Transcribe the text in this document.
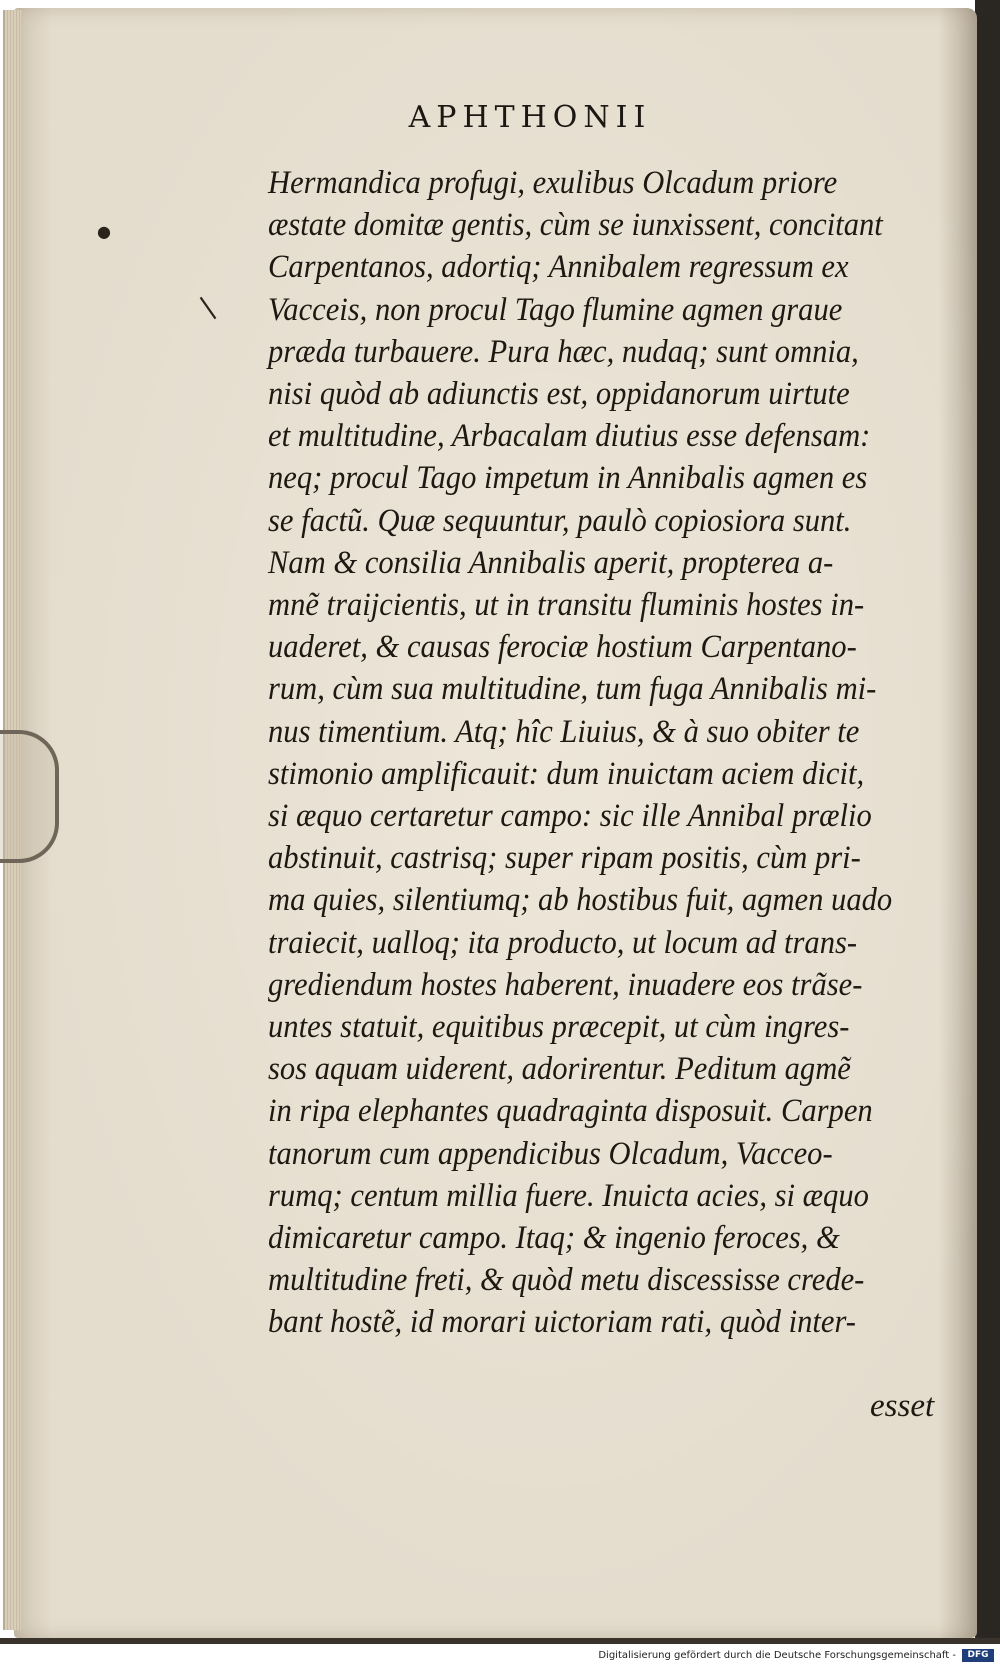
●
|
APHTHONII
Hermandica profugi, exulibus Olcadum priore
æstate domitæ gentis, cùm se iunxissent, concitant
Carpentanos, adortiq; Annibalem regressum ex
Vacceis, non procul Tago flumine agmen graue
præda turbauere. Pura hæc, nudaq; sunt omnia,
nisi quòd ab adiunctis est, oppidanorum uirtute
et multitudine, Arbacalam diutius esse defensam:
neq; procul Tago impetum in Annibalis agmen es
se factũ. Quæ sequuntur, paulò copiosiora sunt.
Nam & consilia Annibalis aperit, propterea a-
mnẽ traijcientis, ut in transitu fluminis hostes in-
uaderet, & causas ferociæ hostium Carpentano-
rum, cùm sua multitudine, tum fuga Annibalis mi-
nus timentium. Atq; hîc Liuius, & à suo obiter te
stimonio amplificauit: dum inuictam aciem dicit,
si æquo certaretur campo: sic ille Annibal prælio
abstinuit, castrisq; super ripam positis, cùm pri-
ma quies, silentiumq; ab hostibus fuit, agmen uado
traiecit, ualloq; ita producto, ut locum ad trans-
grediendum hostes haberent, inuadere eos trãse-
untes statuit, equitibus præcepit, ut cùm ingres-
sos aquam uiderent, adorirentur. Peditum agmẽ
in ripa elephantes quadraginta disposuit. Carpen
tanorum cum appendicibus Olcadum, Vacceo-
rumq; centum millia fuere. Inuicta acies, si æquo
dimicaretur campo. Itaq; & ingenio feroces, &
multitudine freti, & quòd metu discessisse crede-
bant hostẽ, id morari uictoriam rati, quòd inter-
esset
Digitalisierung gefördert durch die Deutsche Forschungsgemeinschaft -	DFG
